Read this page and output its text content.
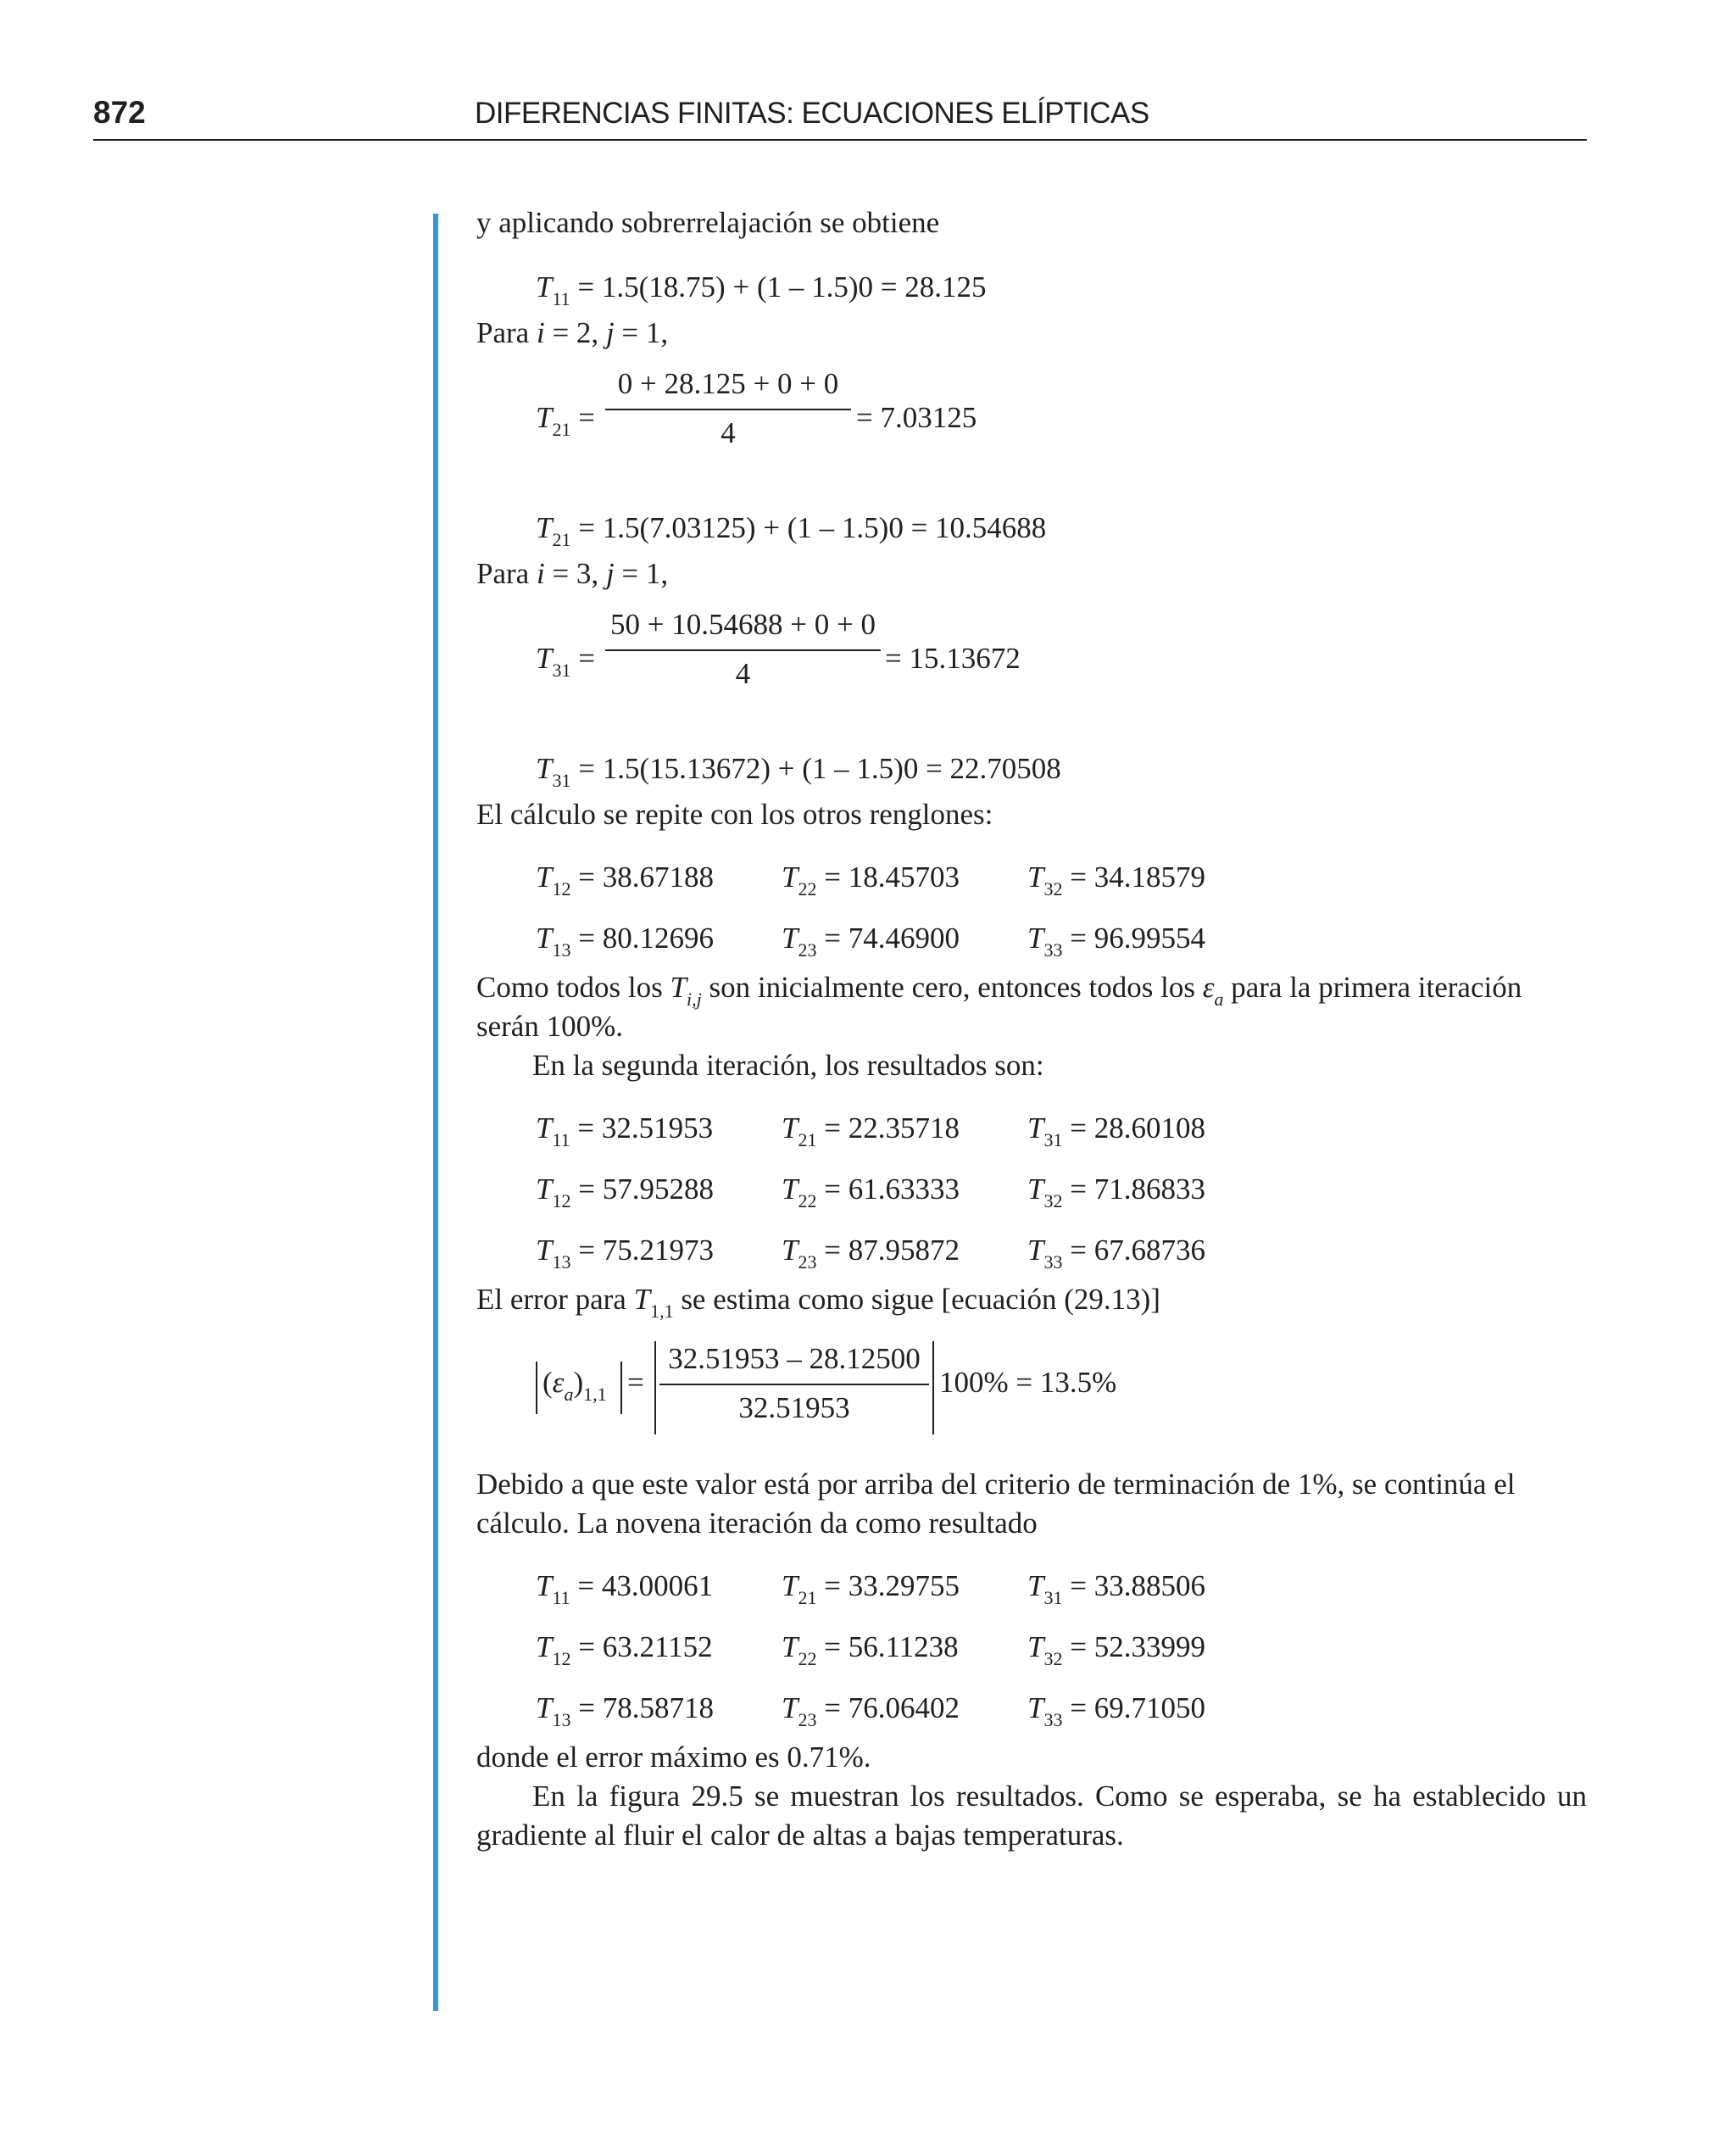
872	DIFERENCIAS FINITAS: ECUACIONES ELÍPTICAS

y aplicando sobrerrelajación se obtiene

$T_{11} = 1.5(18.75) + (1 - 1.5)0 = 28.125$

Para i = 2, j = 1,

$T_{21}$ =
0 + 28.125 + 0 + 0
4	= 7.03125
$T_{21} = 1.5(7.03125) + (1 - 1.5)0 = 10.54688$

Para i = 3, j = 1,

$T_{31}$ =
50 + 10.54688 + 0 + 0
4	= 15.13672
$T_{31} = 1.5(15.13672) + (1 - 1.5)0 = 22.70508$

El cálculo se repite con los otros renglones:

$T_{12} = 38.67188$ $T_{22} = 18.45703$ $T_{32} = 34.18579$
$T_{13} = 80.12696$ $T_{23} = 74.46900$ $T_{33} = 96.99554$

Como todos los $T_{i,j}$ son inicialmente cero, entonces todos los $\varepsilon_a$ para la primera iteración serán 100%.

En la segunda iteración, los resultados son:

$T_{11} = 32.51953$ $T_{21} = 22.35718$ $T_{31} = 28.60108$
$T_{12} = 57.95288$ $T_{22} = 61.63333$ $T_{32} = 71.86833$
$T_{13} = 75.21973$ $T_{23} = 87.95872$ $T_{33} = 67.68736$

El error para $T_{1,1}$ se estima como sigue [ecuación (29.13)]

$(\varepsilon_a)_{1,1}$ =
32.51953 – 28.12500
32.51953
100% = 13.5%

Debido a que este valor está por arriba del criterio de terminación de 1%, se continúa el cálculo. La novena iteración da como resultado

$T_{11} = 43.00061$ $T_{21} = 33.29755$ $T_{31} = 33.88506$
$T_{12} = 63.21152$ $T_{22} = 56.11238$ $T_{32} = 52.33999$
$T_{13} = 78.58718$ $T_{23} = 76.06402$ $T_{33} = 69.71050$

donde el error máximo es 0.71%.

En la figura 29.5 se muestran los resultados. Como se esperaba, se ha establecido un gradiente al fluir el calor de altas a bajas temperaturas.
